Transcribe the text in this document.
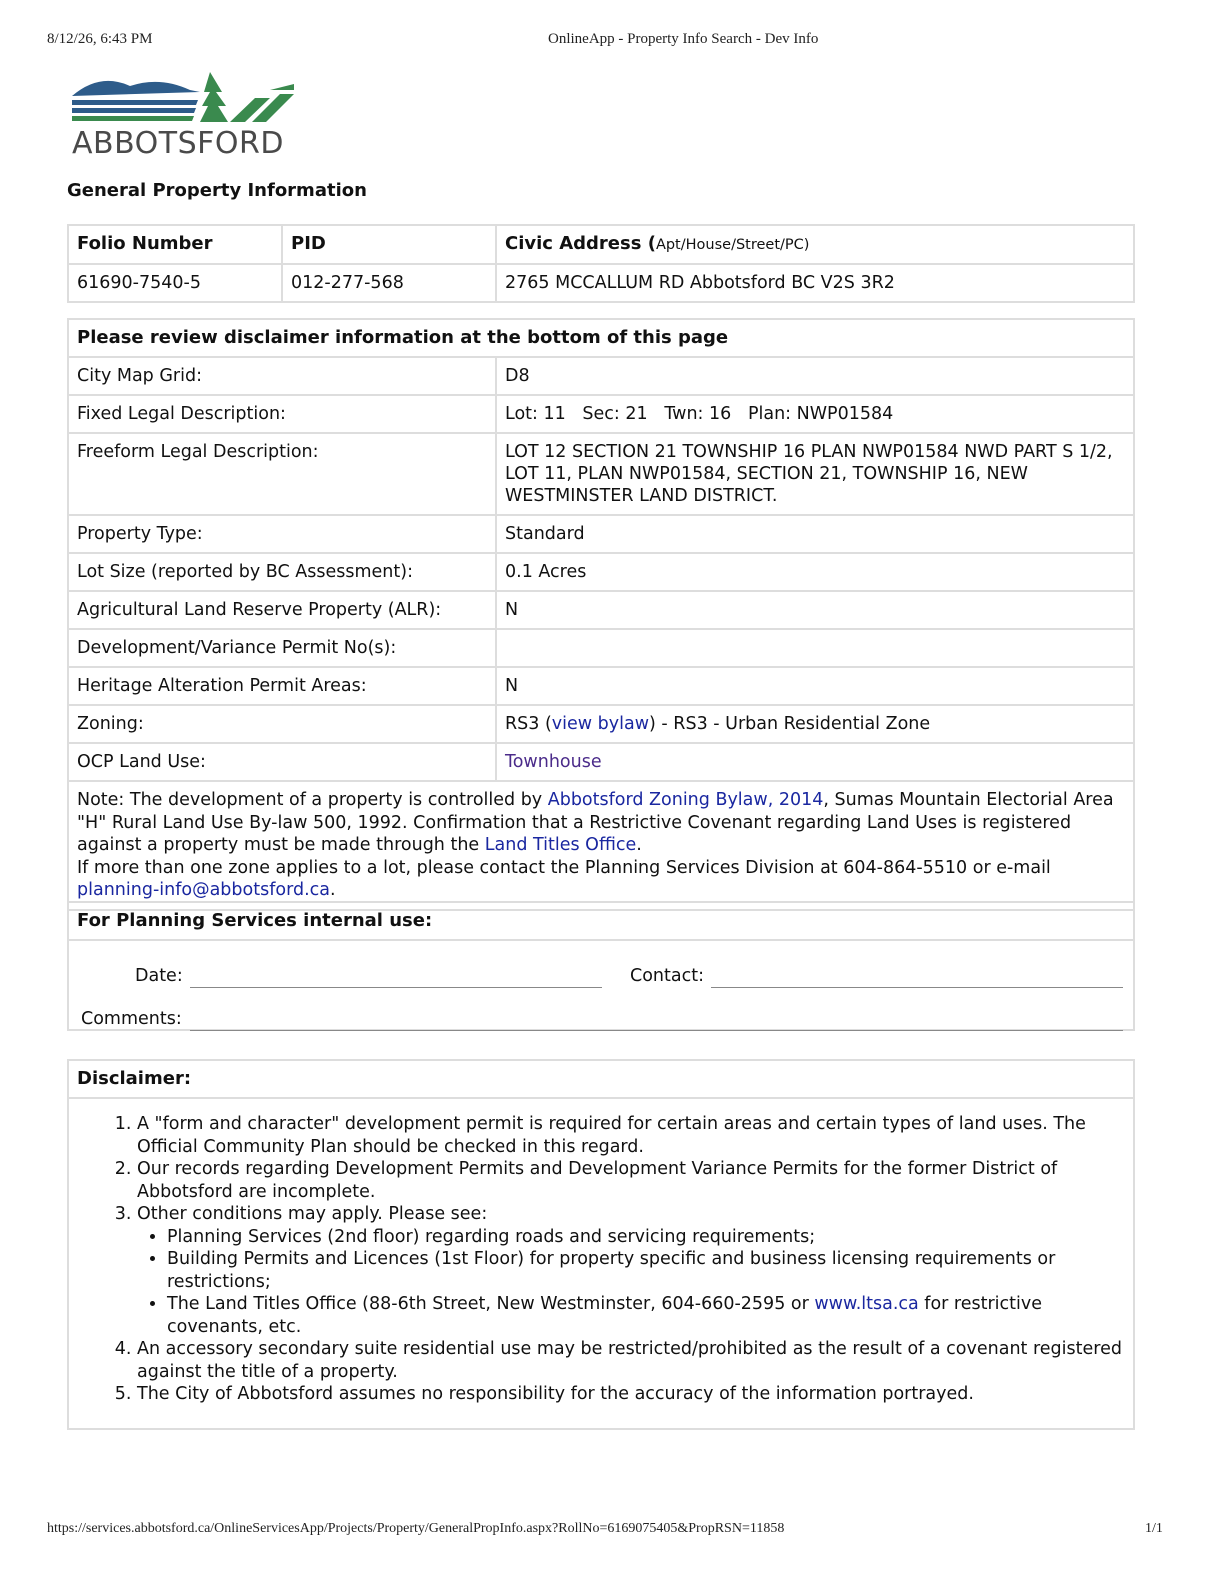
8/12/26, 6:43 PM	OnlineApp - Property Info Search - Dev Info
ABBOTSFORD
General Property Information
Folio Number	PID	Civic Address (Apt/House/Street/PC)
61690-7540-5	012-277-568	2765 MCCALLUM RD Abbotsford BC V2S 3R2
Please review disclaimer information at the bottom of this page	
City Map Grid:	D8
Fixed Legal Description:	Lot: 11   Sec: 21   Twn: 16   Plan: NWP01584
Freeform Legal Description:	LOT 12 SECTION 21 TOWNSHIP 16 PLAN NWP01584 NWD PART S 1/2, LOT 11, PLAN NWP01584, SECTION 21, TOWNSHIP 16, NEW WESTMINSTER LAND DISTRICT.
Property Type:	Standard
Lot Size (reported by BC Assessment):	0.1 Acres
Agricultural Land Reserve Property (ALR):	N
Development/Variance Permit No(s):	
Heritage Alteration Permit Areas:	N
Zoning:	RS3 (view bylaw) - RS3 - Urban Residential Zone
OCP Land Use:	Townhouse
Note: The development of a property is controlled by Abbotsford Zoning Bylaw, 2014, Sumas Mountain Electorial Area "H" Rural Land Use By-law 500, 1992. Confirmation that a Restrictive Covenant regarding Land Uses is registered against a property must be made through the Land Titles Office.
If more than one zone applies to a lot, please contact the Planning Services Division at 604-864-5510 or e-mail planning-info@abbotsford.ca.	
For Planning Services internal use:

Date:	Contact:
Comments:
Disclaimer:

1. A "form and character" development permit is required for certain areas and certain types of land uses. The Official Community Plan should be checked in this regard.
2. Our records regarding Development Permits and Development Variance Permits for the former District of Abbotsford are incomplete.
3. Other conditions may apply. Please see:
• Planning Services (2nd floor) regarding roads and servicing requirements;
• Building Permits and Licences (1st Floor) for property specific and business licensing requirements or restrictions;
• The Land Titles Office (88-6th Street, New Westminster, 604-660-2595 or www.ltsa.ca for restrictive covenants, etc.
4. An accessory secondary suite residential use may be restricted/prohibited as the result of a covenant registered against the title of a property.
5. The City of Abbotsford assumes no responsibility for the accuracy of the information portrayed.
https://services.abbotsford.ca/OnlineServicesApp/Projects/Property/GeneralPropInfo.aspx?RollNo=6169075405&PropRSN=11858	1/1
